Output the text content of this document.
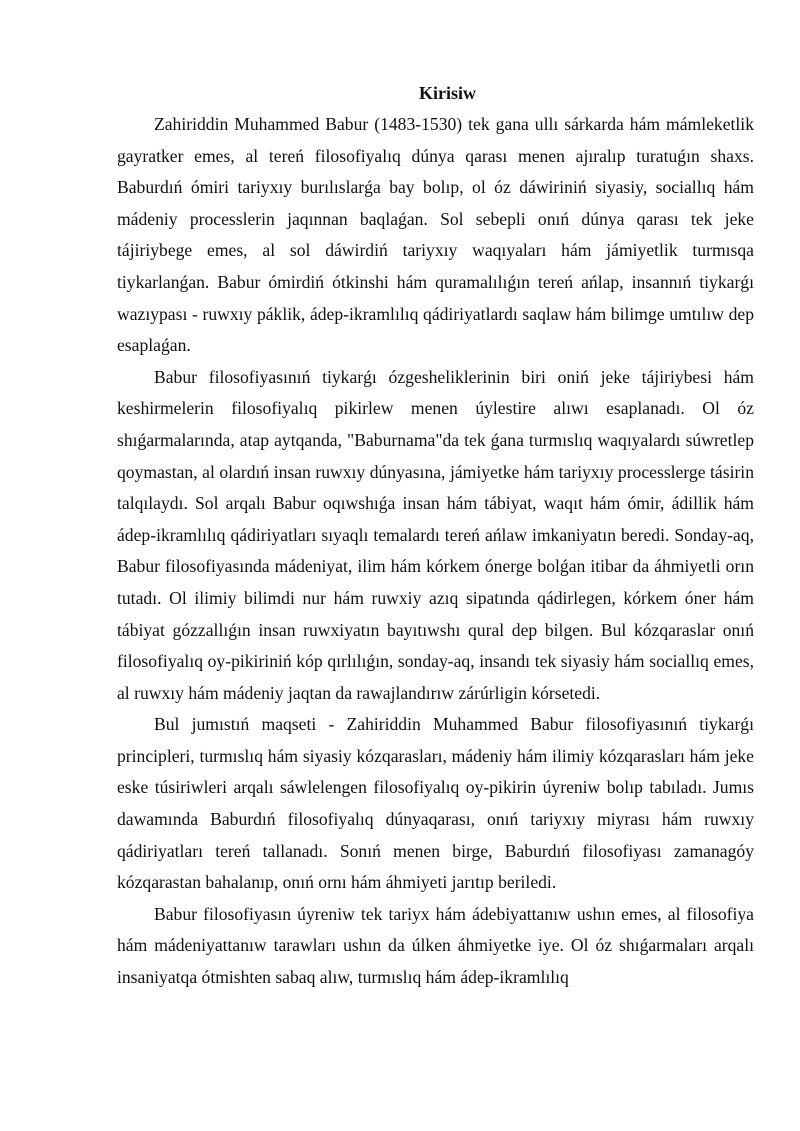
Kirisiw

Zahiriddin Muhammed Babur (1483-1530) tek gana ullı sárkarda hám mámleketlik gayratker emes, al tereń filosofiyalıq dúnya qarası menen ajıralıp turatuǵın shaxs. Baburdıń ómiri tariyxıy burılıslarǵa bay bolıp, ol óz dáwiriniń siyasiy, sociallıq hám mádeniy processlerin jaqınnan baqlaǵan. Sol sebepli onıń dúnya qarası tek jeke tájiriybege emes, al sol dáwirdiń tariyxıy waqıyaları hám jámiyetlik turmısqa tiykarlanǵan. Babur ómirdiń ótkinshi hám quramalılıǵın tereń ańlap, insannıń tiykarǵı wazıypası - ruwxıy páklik, ádep-ikramlılıq qádiriyatlardı saqlaw hám bilimge umtılıw dep esaplaǵan.

Babur filosofiyasınıń tiykarǵı ózgesheliklerinin biri oniń jeke tájiriybesi hám keshirmelerin filosofiyalıq pikirlew menen úylestire alıwı esaplanadı. Ol óz shıǵarmalarında, atap aytqanda, "Baburnama"da tek ǵana turmıslıq waqıyalardı súwretlep qoymastan, al olardıń insan ruwxıy dúnyasına, jámiyetke hám tariyxıy processlerge tásirin talqılaydı. Sol arqalı Babur oqıwshıǵa insan hám tábiyat, waqıt hám ómir, ádillik hám ádep-ikramlılıq qádiriyatları sıyaqlı temalardı tereń ańlaw imkaniyatın beredi. Sonday-aq, Babur filosofiyasında mádeniyat, ilim hám kórkem ónerge bolǵan itibar da áhmiyetli orın tutadı. Ol ilimiy bilimdi nur hám ruwxiy azıq sipatında qádirlegen, kórkem óner hám tábiyat gózzallıǵın insan ruwxiyatın bayıtıwshı qural dep bilgen. Bul kózqaraslar onıń filosofiyalıq oy-pikiriniń kóp qırlılıǵın, sonday-aq, insandı tek siyasiy hám sociallıq emes, al ruwxıy hám mádeniy jaqtan da rawajlandırıw zárúrligin kórsetedi.

Bul jumıstıń maqseti - Zahiriddin Muhammed Babur filosofiyasınıń tiykarǵı principleri, turmıslıq hám siyasiy kózqarasları, mádeniy hám ilimiy kózqarasları hám jeke eske túsiriwleri arqalı sáwlelengen filosofiyalıq oy-pikirin úyreniw bolıp tabıladı. Jumıs dawamında Baburdıń filosofiyalıq dúnyaqarası, onıń tariyxıy miyrası hám ruwxıy qádiriyatları tereń tallanadı. Sonıń menen birge, Baburdıń filosofiyası zamanagóy kózqarastan bahalanıp, onıń ornı hám áhmiyeti jarıtıp beriledi.

Babur filosofiyasın úyreniw tek tariyx hám ádebiyattanıw ushın emes, al filosofiya hám mádeniyattanıw tarawları ushın da úlken áhmiyetke iye. Ol óz shıǵarmaları arqalı insaniyatqa ótmishten sabaq alıw, turmıslıq hám ádep-ikramlılıq
